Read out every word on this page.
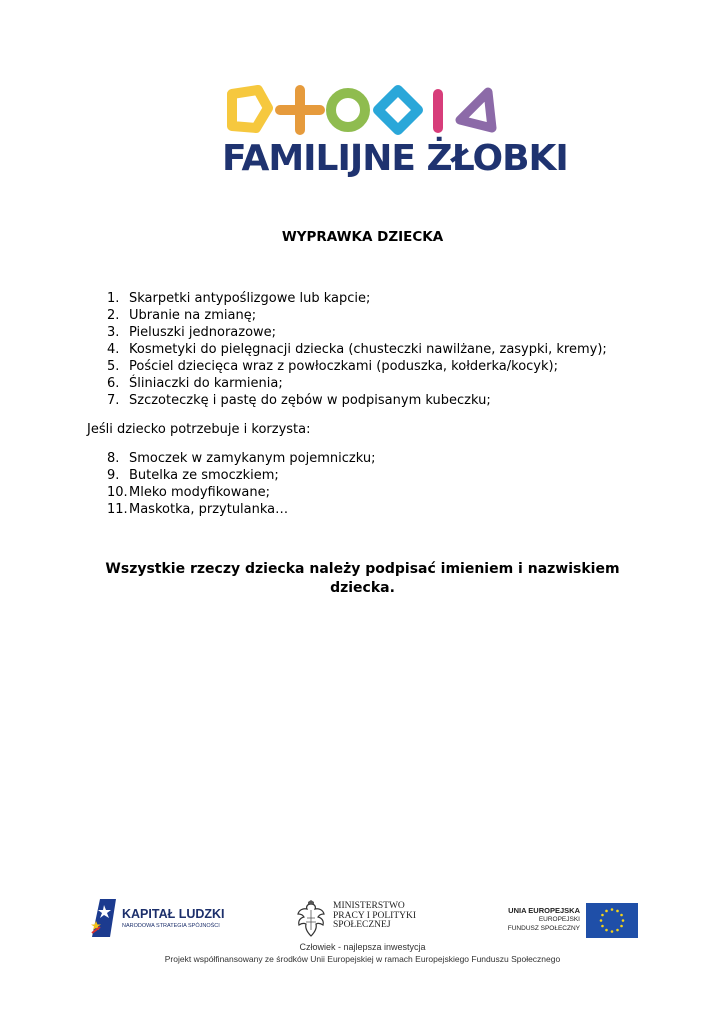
FAMILIJNE ŻŁOBKI
WYPRAWKA DZIECKA
1. Skarpetki antypoślizgowe lub kapcie;
2. Ubranie na zmianę;
3. Pieluszki jednorazowe;
4. Kosmetyki do pielęgnacji dziecka (chusteczki nawilżane, zasypki, kremy);
5. Pościel dziecięca wraz z powłoczkami (poduszka, kołderka/kocyk);
6. Śliniaczki do karmienia;
7. Szczoteczkę i pastę do zębów w podpisanym kubeczku;
Jeśli dziecko potrzebuje i korzysta:
8. Smoczek w zamykanym pojemniczku;
9. Butelka ze smoczkiem;
10. Mleko modyfikowane;
11. Maskotka, przytulanka…
Wszystkie rzeczy dziecka należy podpisać imieniem i nazwiskiem dziecka.
KAPITAŁ LUDZKI
NARODOWA STRATEGIA SPÓJNOŚCI
MINISTERSTWO
PRACY I POLITYKI
SPOŁECZNEJ
UNIA EUROPEJSKA
EUROPEJSKI
FUNDUSZ SPOŁECZNY
Człowiek - najlepsza inwestycja
Projekt współfinansowany ze środków Unii Europejskiej w ramach Europejskiego Funduszu Społecznego
